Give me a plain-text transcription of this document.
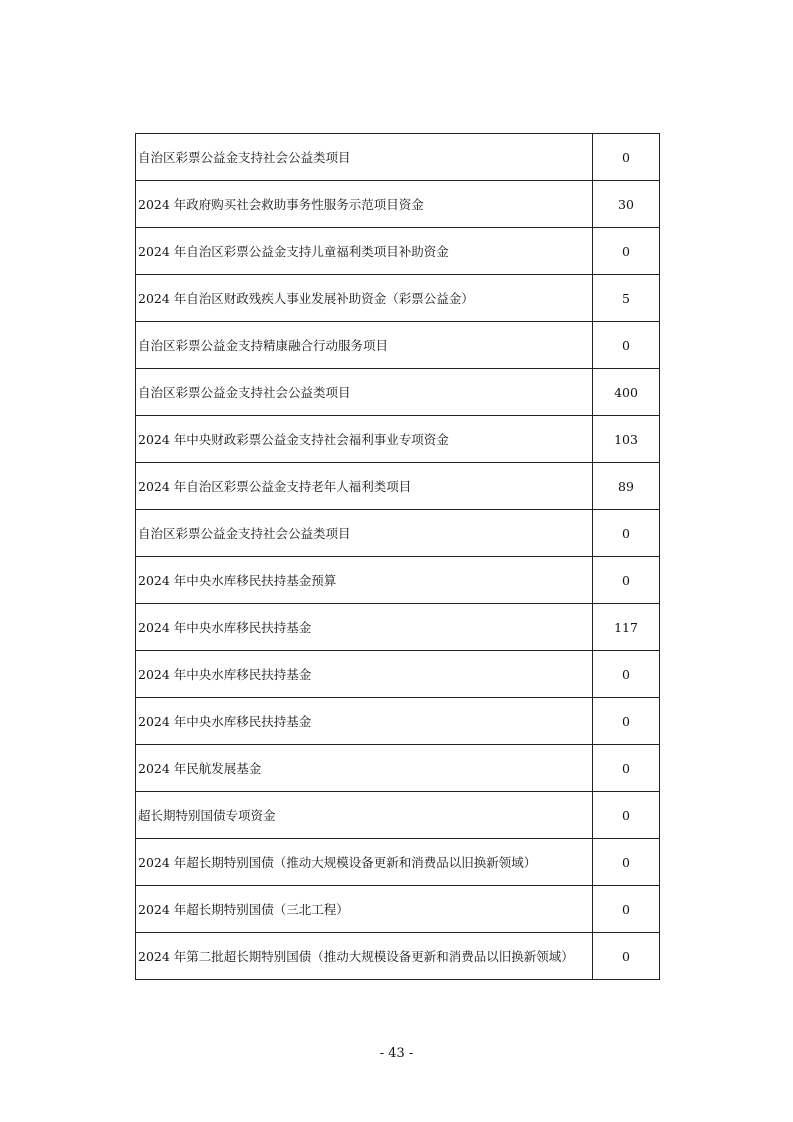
自治区彩票公益金支持社会公益类项目	0
2024 年政府购买社会救助事务性服务示范项目资金	30
2024 年自治区彩票公益金支持儿童福利类项目补助资金	0
2024 年自治区财政残疾人事业发展补助资金（彩票公益金）	5
自治区彩票公益金支持精康融合行动服务项目	0
自治区彩票公益金支持社会公益类项目	400
2024 年中央财政彩票公益金支持社会福利事业专项资金	103
2024 年自治区彩票公益金支持老年人福利类项目	89
自治区彩票公益金支持社会公益类项目	0
2024 年中央水库移民扶持基金预算	0
2024 年中央水库移民扶持基金	117
2024 年中央水库移民扶持基金	0
2024 年中央水库移民扶持基金	0
2024 年民航发展基金	0
超长期特别国债专项资金	0
2024 年超长期特别国债（推动大规模设备更新和消费品以旧换新领域）	0
2024 年超长期特别国债（三北工程）	0
2024 年第二批超长期特别国债（推动大规模设备更新和消费品以旧换新领域）	0
- 43 -
